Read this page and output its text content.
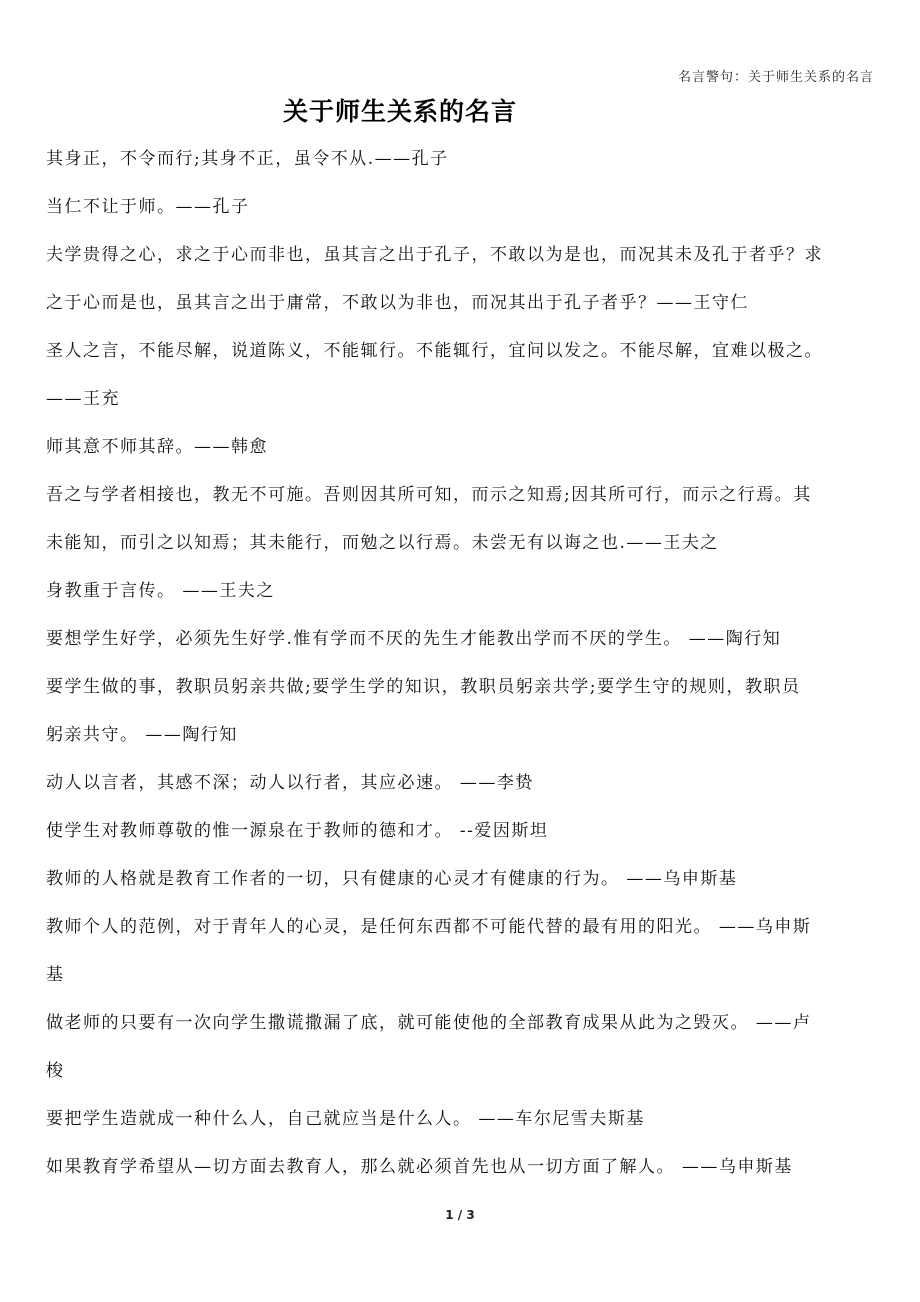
名言警句：关于师生关系的名言
关于师生关系的名言
其身正，不令而行;其身不正，虽令不从.——孔子
当仁不让于师。——孔子
夫学贵得之心，求之于心而非也，虽其言之出于孔子，不敢以为是也，而况其未及孔于者乎？求
之于心而是也，虽其言之出于庸常，不敢以为非也，而况其出于孔子者乎？——王守仁
圣人之言，不能尽解，说道陈义，不能辄行。不能辄行，宜问以发之。不能尽解，宜难以极之。
——王充
师其意不师其辞。——韩愈
吾之与学者相接也，教无不可施。吾则因其所可知，而示之知焉;因其所可行，而示之行焉。其
未能知，而引之以知焉；其未能行，而勉之以行焉。未尝无有以诲之也.——王夫之
身教重于言传。 ——王夫之
要想学生好学，必须先生好学.惟有学而不厌的先生才能教出学而不厌的学生。 ——陶行知
要学生做的事，教职员躬亲共做;要学生学的知识，教职员躬亲共学;要学生守的规则，教职员
躬亲共守。 ——陶行知
动人以言者，其感不深；动人以行者，其应必速。 ——李贽
使学生对教师尊敬的惟一源泉在于教师的德和才。 --爱因斯坦
教师的人格就是教育工作者的一切，只有健康的心灵才有健康的行为。 ——乌申斯基
教师个人的范例，对于青年人的心灵，是任何东西都不可能代替的最有用的阳光。 ——乌申斯
基
做老师的只要有一次向学生撒谎撒漏了底，就可能使他的全部教育成果从此为之毁灭。 ——卢
梭
要把学生造就成一种什么人，自己就应当是什么人。 ——车尔尼雪夫斯基
如果教育学希望从—切方面去教育人，那么就必须首先也从一切方面了解人。 ——乌申斯基
1 / 3
